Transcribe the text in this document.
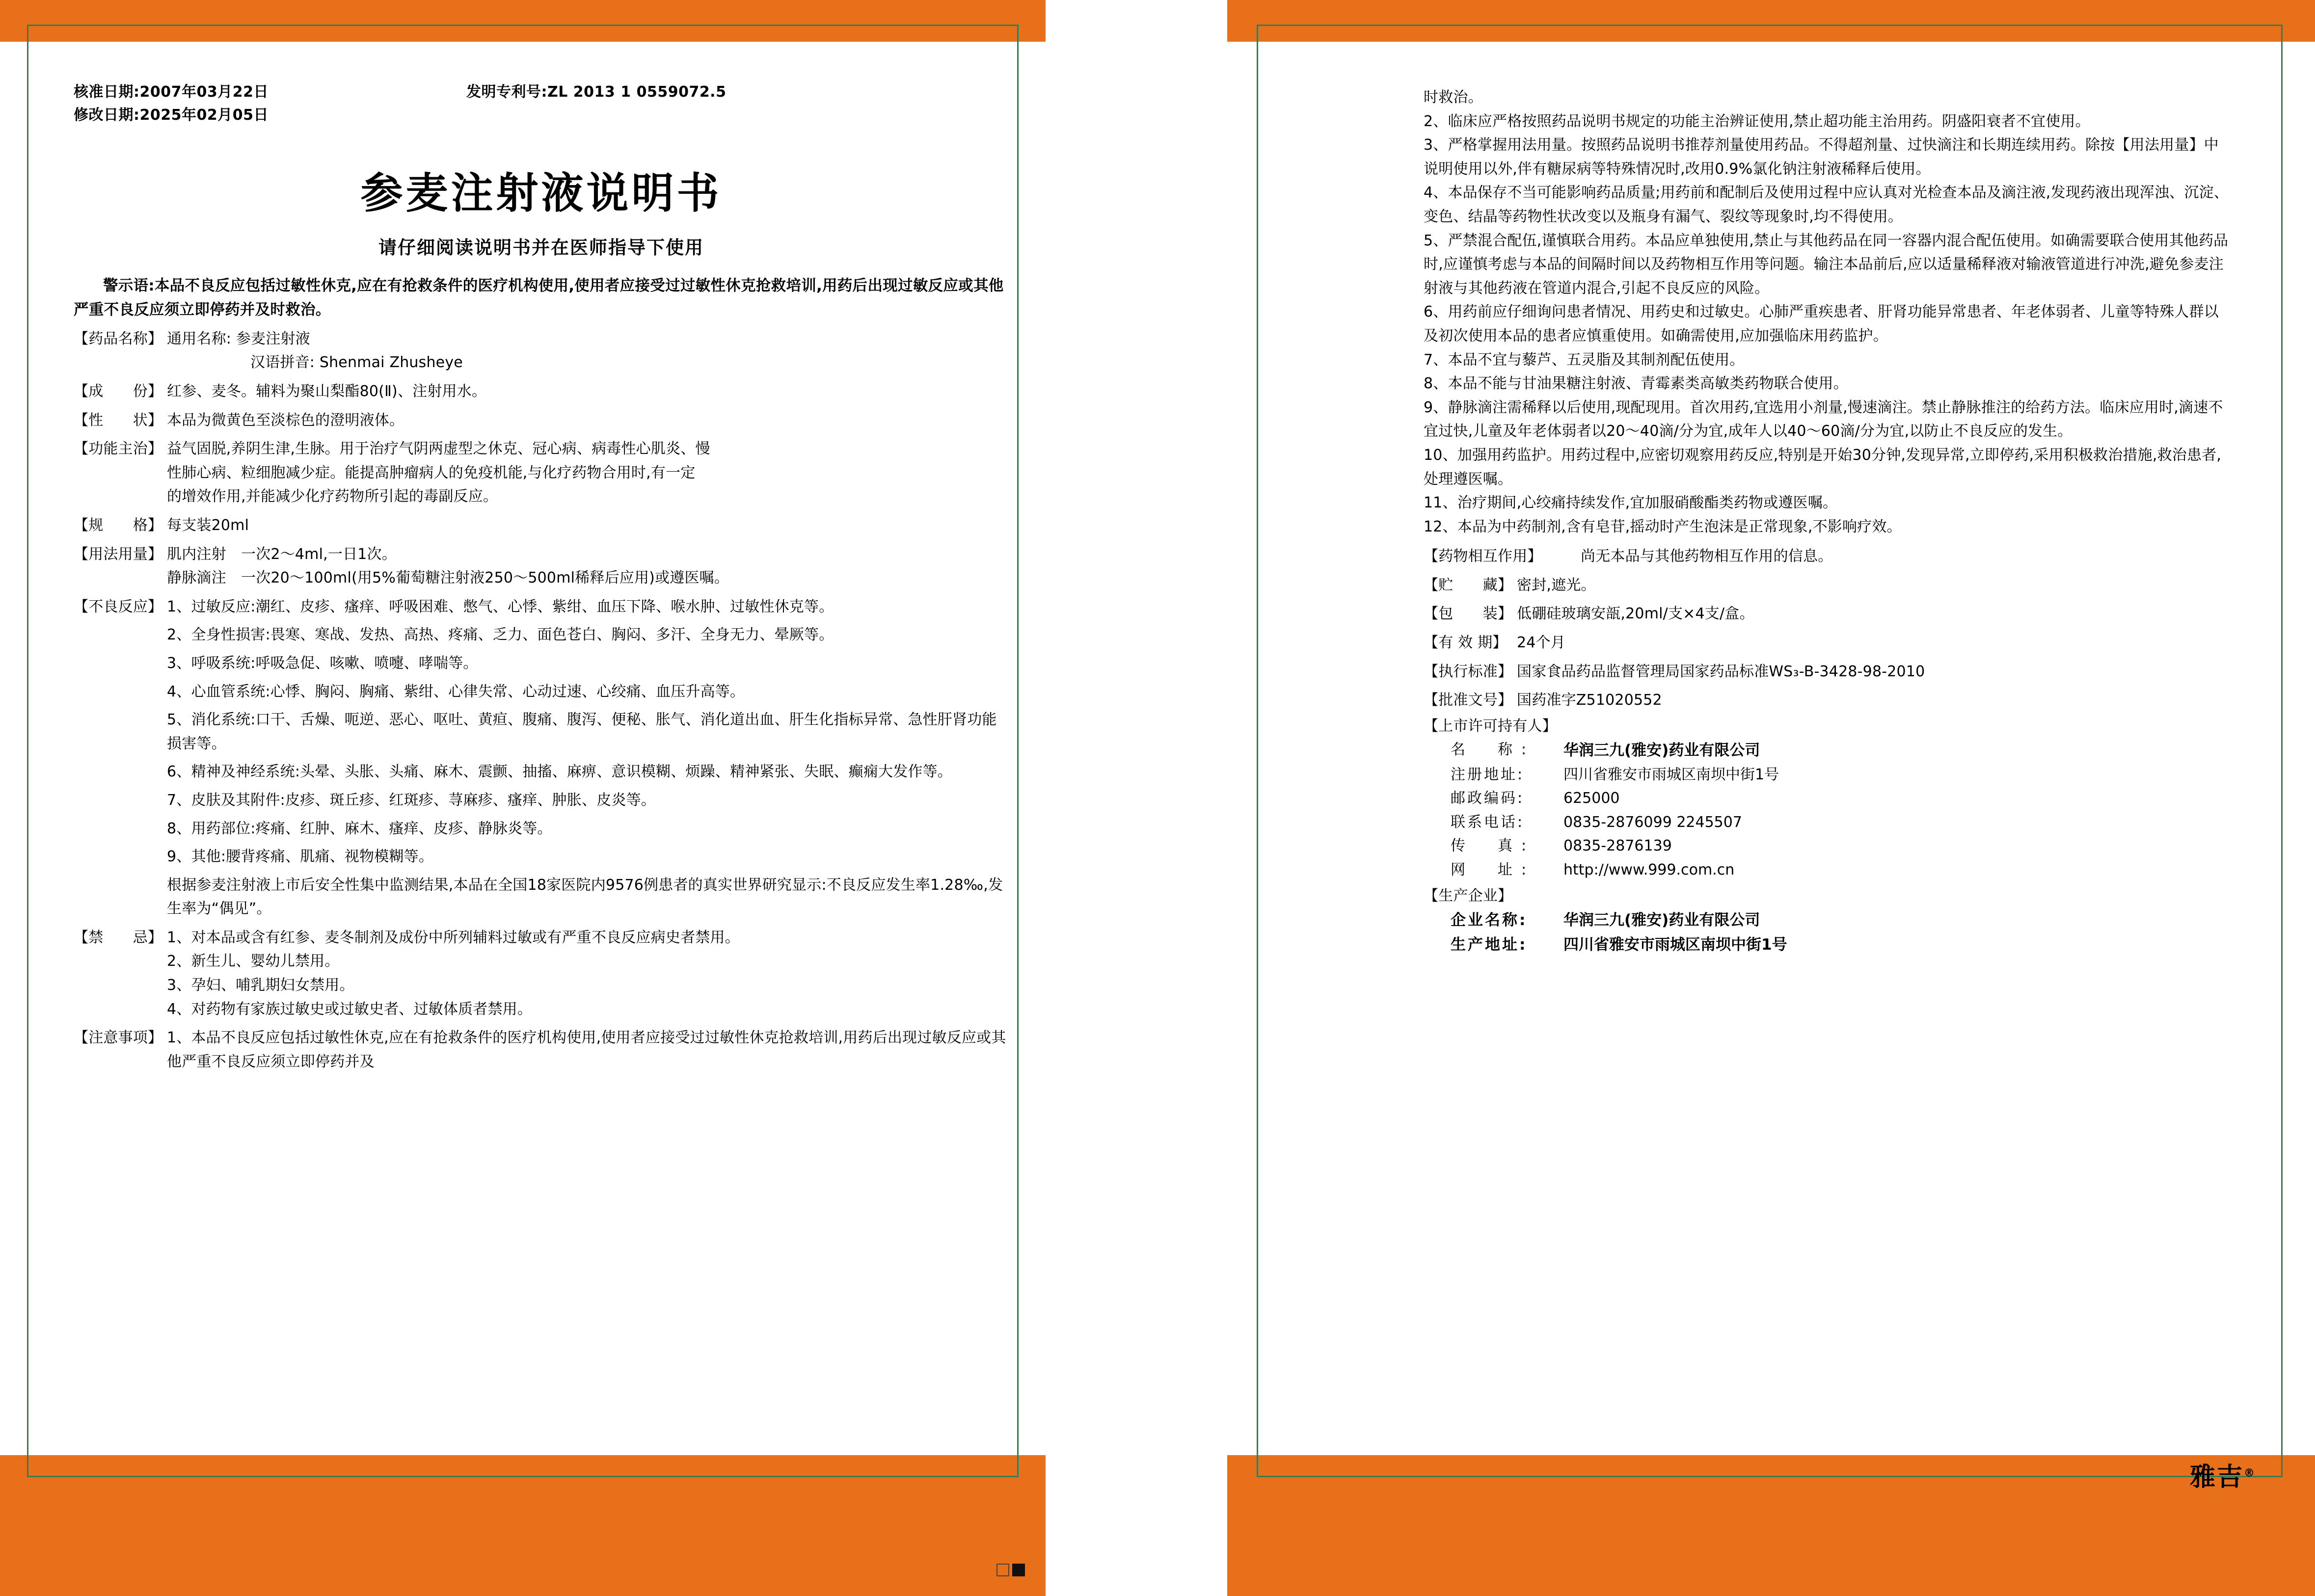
核准日期:2007年03月22日	发明专利号:ZL 2013 1 0559072.5
修改日期:2025年02月05日
参麦注射液说明书
请仔细阅读说明书并在医师指导下使用
警示语:本品不良反应包括过敏性休克,应在有抢救条件的医疗机构使用,使用者应接受过过敏性休克抢救培训,用药后出现过敏反应或其他严重不良反应须立即停药并及时救治。
【药品名称】 通用名称: 参麦注射液

汉语拼音: Shenmai Zhusheye

【成　　份】 红参、麦冬。辅料为聚山梨酯80(Ⅱ)、注射用水。

【性　　状】 本品为微黄色至淡棕色的澄明液体。

【功能主治】 益气固脱,养阴生津,生脉。用于治疗气阴两虚型之休克、冠心病、病毒性心肌炎、慢

性肺心病、粒细胞减少症。能提高肿瘤病人的免疫机能,与化疗药物合用时,有一定

的增效作用,并能减少化疗药物所引起的毒副反应。

【规　　格】 每支装20ml

【用法用量】 肌内注射　一次2～4ml,一日1次。

静脉滴注　一次20～100ml(用5%葡萄糖注射液250～500ml稀释后应用)或遵医嘱。

【不良反应】 1、过敏反应:潮红、皮疹、瘙痒、呼吸困难、憋气、心悸、紫绀、血压下降、喉水肿、过敏性休克等。

2、全身性损害:畏寒、寒战、发热、高热、疼痛、乏力、面色苍白、胸闷、多汗、全身无力、晕厥等。

3、呼吸系统:呼吸急促、咳嗽、喷嚏、哮喘等。

4、心血管系统:心悸、胸闷、胸痛、紫绀、心律失常、心动过速、心绞痛、血压升高等。

5、消化系统:口干、舌燥、呃逆、恶心、呕吐、黄疸、腹痛、腹泻、便秘、胀气、消化道出血、肝生化指标异常、急性肝肾功能损害等。

6、精神及神经系统:头晕、头胀、头痛、麻木、震颤、抽搐、麻痹、意识模糊、烦躁、精神紧张、失眠、癫痫大发作等。

7、皮肤及其附件:皮疹、斑丘疹、红斑疹、荨麻疹、瘙痒、肿胀、皮炎等。

8、用药部位:疼痛、红肿、麻木、瘙痒、皮疹、静脉炎等。

9、其他:腰背疼痛、肌痛、视物模糊等。

根据参麦注射液上市后安全性集中监测结果,本品在全国18家医院内9576例患者的真实世界研究显示:不良反应发生率1.28‰,发生率为“偶见”。

【禁　　忌】 1、对本品或含有红参、麦冬制剂及成份中所列辅料过敏或有严重不良反应病史者禁用。

2、新生儿、婴幼儿禁用。

3、孕妇、哺乳期妇女禁用。

4、对药物有家族过敏史或过敏史者、过敏体质者禁用。

【注意事项】 1、本品不良反应包括过敏性休克,应在有抢救条件的医疗机构使用,使用者应接受过过敏性休克抢救培训,用药后出现过敏反应或其他严重不良反应须立即停药并及

时救治。

2、临床应严格按照药品说明书规定的功能主治辨证使用,禁止超功能主治用药。阴盛阳衰者不宜使用。

3、严格掌握用法用量。按照药品说明书推荐剂量使用药品。不得超剂量、过快滴注和长期连续用药。除按【用法用量】中说明使用以外,伴有糖尿病等特殊情况时,改用0.9%氯化钠注射液稀释后使用。

4、本品保存不当可能影响药品质量;用药前和配制后及使用过程中应认真对光检查本品及滴注液,发现药液出现浑浊、沉淀、变色、结晶等药物性状改变以及瓶身有漏气、裂纹等现象时,均不得使用。

5、严禁混合配伍,谨慎联合用药。本品应单独使用,禁止与其他药品在同一容器内混合配伍使用。如确需要联合使用其他药品时,应谨慎考虑与本品的间隔时间以及药物相互作用等问题。输注本品前后,应以适量稀释液对输液管道进行冲洗,避免参麦注射液与其他药液在管道内混合,引起不良反应的风险。

6、用药前应仔细询问患者情况、用药史和过敏史。心肺严重疾患者、肝肾功能异常患者、年老体弱者、儿童等特殊人群以及初次使用本品的患者应慎重使用。如确需使用,应加强临床用药监护。

7、本品不宜与藜芦、五灵脂及其制剂配伍使用。

8、本品不能与甘油果糖注射液、青霉素类高敏类药物联合使用。

9、静脉滴注需稀释以后使用,现配现用。首次用药,宜选用小剂量,慢速滴注。禁止静脉推注的给药方法。临床应用时,滴速不宜过快,儿童及年老体弱者以20～40滴/分为宜,成年人以40～60滴/分为宜,以防止不良反应的发生。

10、加强用药监护。用药过程中,应密切观察用药反应,特别是开始30分钟,发现异常,立即停药,采用积极救治措施,救治患者,处理遵医嘱。

11、治疗期间,心绞痛持续发作,宜加服硝酸酯类药物或遵医嘱。

12、本品为中药制剂,含有皂苷,摇动时产生泡沫是正常现象,不影响疗效。

【药物相互作用】	尚无本品与其他药物相互作用的信息。

【贮　　藏】 密封,遮光。

【包　　装】 低硼硅玻璃安瓿,20ml/支×4支/盒。

【有 效 期】 24个月

【执行标准】 国家食品药品监督管理局国家药品标准WS₃-B-3428-98-2010

【批准文号】 国药准字Z51020552

【上市许可持有人】

名　称:	华润三九(雅安)药业有限公司
注册地址:	四川省雅安市雨城区南坝中街1号
邮政编码:	625000
联系电话:	0835-2876099 2245507
传　真:	0835-2876139
网　址:	http://www.999.com.cn

【生产企业】

企业名称:	华润三九(雅安)药业有限公司
生产地址:	四川省雅安市雨城区南坝中街1号
雅吉®
